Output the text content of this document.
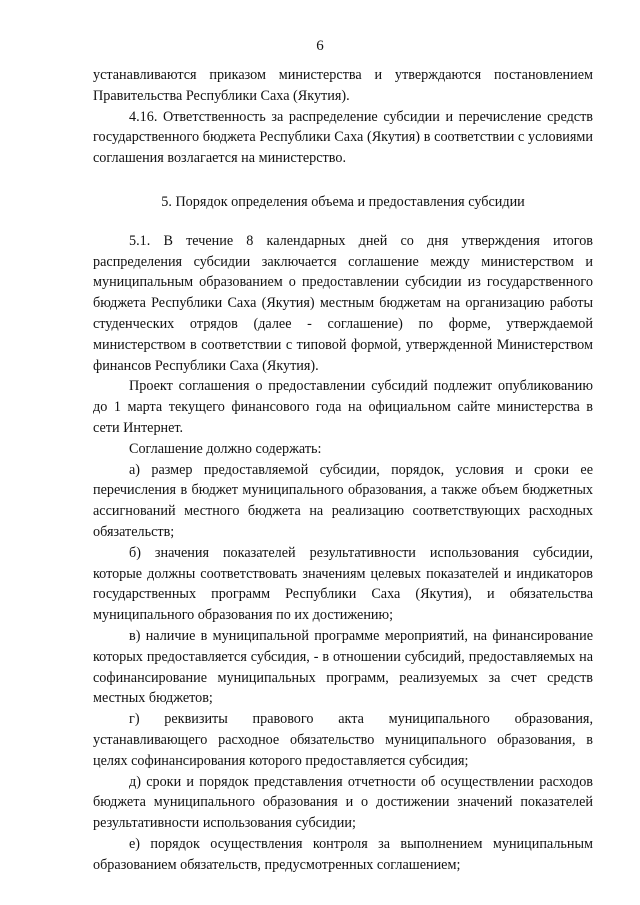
6

устанавливаются приказом министерства и утверждаются постановлением Правительства Республики Саха (Якутия).

4.16. Ответственность за распределение субсидии и перечисление средств государственного бюджета Республики Саха (Якутия) в соответствии с условиями соглашения возлагается на министерство.

5. Порядок определения объема и предоставления субсидии

5.1. В течение 8 календарных дней со дня утверждения итогов распределения субсидии заключается соглашение между министерством и муниципальным образованием о предоставлении субсидии из государственного бюджета Республики Саха (Якутия) местным бюджетам на организацию работы студенческих отрядов (далее - соглашение) по форме, утверждаемой министерством в соответствии с типовой формой, утвержденной Министерством финансов Республики Саха (Якутия).

Проект соглашения о предоставлении субсидий подлежит опубликованию до 1 марта текущего финансового года на официальном сайте министерства в сети Интернет.

Соглашение должно содержать:

а) размер предоставляемой субсидии, порядок, условия и сроки ее перечисления в бюджет муниципального образования, а также объем бюджетных ассигнований местного бюджета на реализацию соответствующих расходных обязательств;

б) значения показателей результативности использования субсидии, которые должны соответствовать значениям целевых показателей и индикаторов государственных программ Республики Саха (Якутия), и обязательства муниципального образования по их достижению;

в) наличие в муниципальной программе мероприятий, на финансирование которых предоставляется субсидия, - в отношении субсидий, предоставляемых на софинансирование муниципальных программ, реализуемых за счет средств местных бюджетов;

г) реквизиты правового акта муниципального образования, устанавливающего расходное обязательство муниципального образования, в целях софинансирования которого предоставляется субсидия;

д) сроки и порядок представления отчетности об осуществлении расходов бюджета муниципального образования и о достижении значений показателей результативности использования субсидии;

е) порядок осуществления контроля за выполнением муниципальным образованием обязательств, предусмотренных соглашением;
